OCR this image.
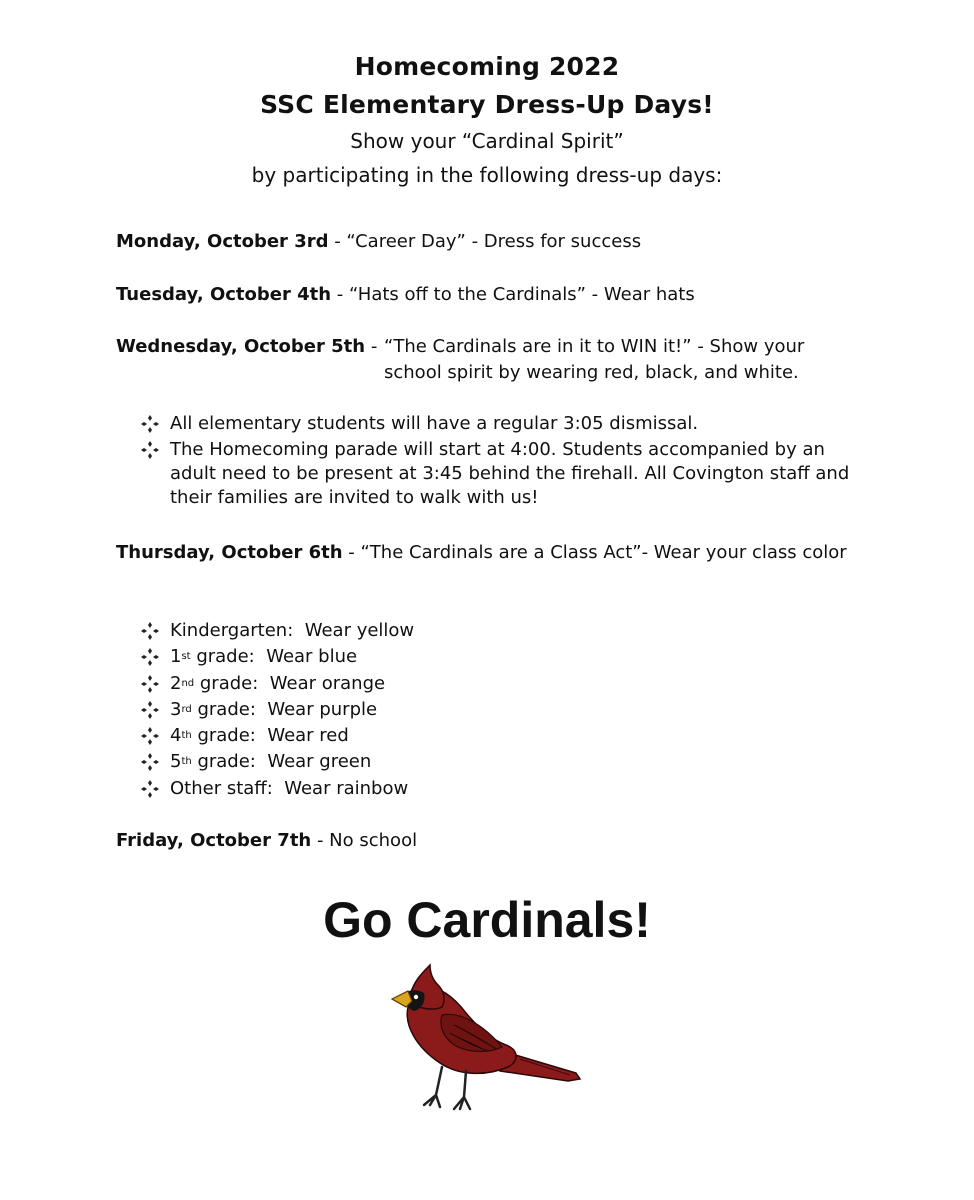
Homecoming 2022
SSC Elementary Dress-Up Days!
Show your “Cardinal Spirit”
by participating in the following dress-up days:
Monday, October 3rd - “Career Day” - Dress for success
Tuesday, October 4th - “Hats off to the Cardinals” - Wear hats
Wednesday, October 5th - “The Cardinals are in it to WIN it!” - Show your school spirit by wearing red, black, and white.
All elementary students will have a regular 3:05 dismissal.
The Homecoming parade will start at 4:00. Students accompanied by an adult need to be present at 3:45 behind the firehall. All Covington staff and their families are invited to walk with us!
Thursday, October 6th - “The Cardinals are a Class Act”- Wear your class color
Kindergarten: Wear yellow
1st grade: Wear blue
2nd grade: Wear orange
3rd grade: Wear purple
4th grade: Wear red
5th grade: Wear green
Other staff: Wear rainbow
Friday, October 7th - No school
Go Cardinals!
